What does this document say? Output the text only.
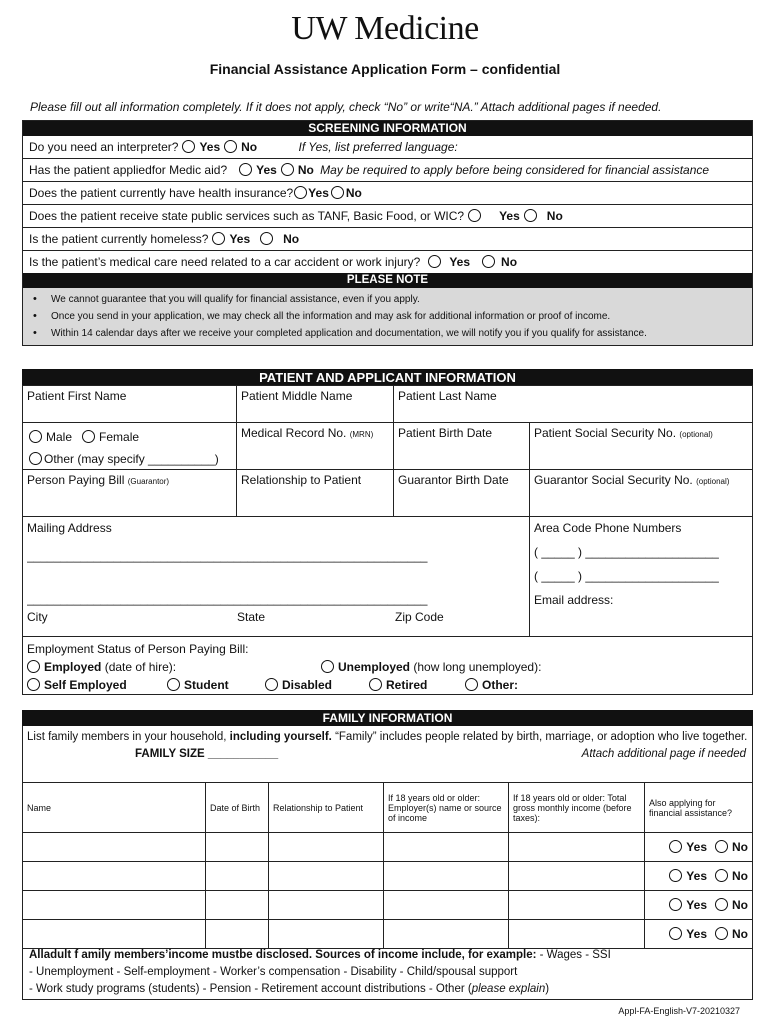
UW Medicine
Financial Assistance Application Form – confidential
Please fill out all information completely. If it does not apply, check “No” or write“NA.” Attach additional pages if needed.
SCREENING INFORMATION
Do you need an interpreter? Yes No	If Yes, list preferred language:
Has the patient appliedfor Medic aid? Yes No May be required to apply before being considered for financial assistance
Does the patient currently have health insurance? Yes No
Does the patient receive state public services such as TANF, Basic Food, or WIC?	Yes No
Is the patient currently homeless? Yes	No
Is the patient’s medical care need related to a car accident or work injury? Yes	No
PLEASE NOTE
• We cannot guarantee that you will qualify for financial assistance, even if you apply.
• Once you send in your application, we may check all the information and may ask for additional information or proof of income.
• Within 14 calendar days after we receive your completed application and documentation, we will notify you if you qualify for assistance.
PATIENT AND APPLICANT INFORMATION
Patient First Name	Patient Middle Name	Patient Last Name
Male Female
Other (may specify __________)
Medical Record No. (MRN)	Patient Birth Date	Patient Social Security No. (optional)
Person Paying Bill (Guarantor)	Relationship to Patient	Guarantor Birth Date	Guarantor Social Security No. (optional)
Mailing Address
____________________________________________________________
____________________________________________________________
City	State	Zip Code
Area Code Phone Numbers
( _____ ) ____________________
( _____ ) ____________________
Email address:
Employment Status of Person Paying Bill:
Employed (date of hire):	Unemployed (how long unemployed):
Self Employed	Student	Disabled	Retired	Other:
FAMILY INFORMATION
List family members in your household, including yourself. “Family” includes people related by birth, marriage, or adoption who live together.
FAMILY SIZE ___________	Attach additional page if needed
Name	Date of Birth	Relationship to Patient	If 18 years old or older: Employer(s) name or source of income	If 18 years old or older: Total gross monthly income (before taxes):	Also applying for financial assistance?
					Yes No
					Yes No
					Yes No
					Yes No
Alladult f amily members’income mustbe disclosed. Sources of income include, for example: - Wages - SSI
- Unemployment - Self-employment - Worker’s compensation - Disability - Child/spousal support
- Work study programs (students) - Pension - Retirement account distributions - Other (please explain)
Appl-FA-English-V7-20210327
